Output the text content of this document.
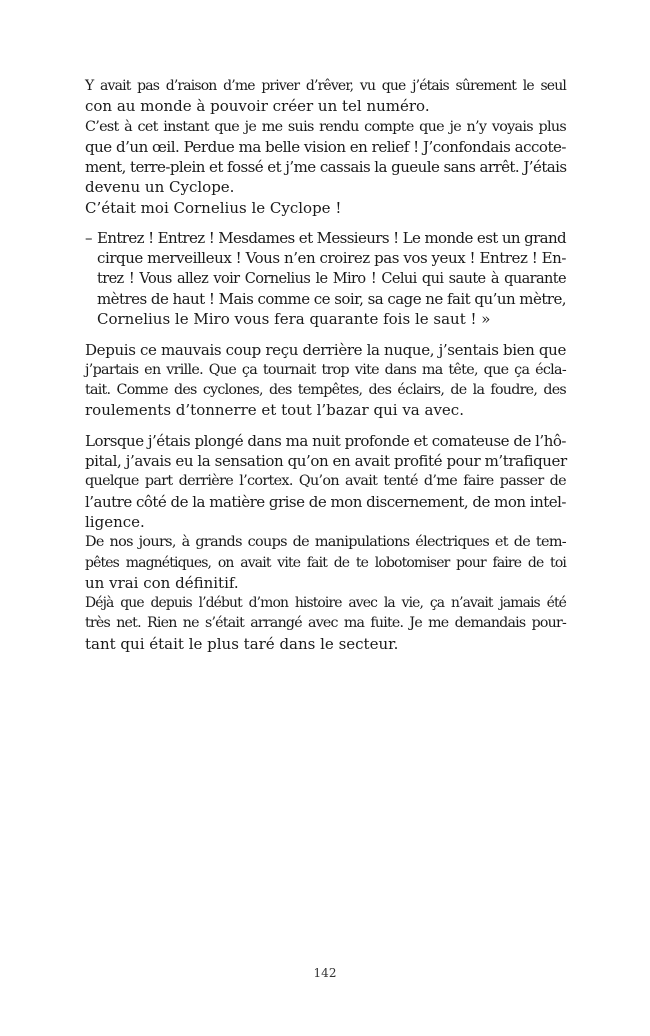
Y avait pas d’raison d’me priver d’rêver, vu que j’étais sûrement le seul
con au monde à pouvoir créer un tel numéro.

C’est à cet instant que je me suis rendu compte que je n’y voyais plus
que d’un œil. Perdue ma belle vision en relief ! J’confondais accote-
ment, terre-plein et fossé et j’me cassais la gueule sans arrêt. J’étais
devenu un Cyclope.

C’était moi Cornelius le Cyclope !

– Entrez ! Entrez ! Mesdames et Messieurs ! Le monde est un grand
cirque merveilleux ! Vous n’en croirez pas vos yeux ! Entrez ! En-
trez ! Vous allez voir Cornelius le Miro ! Celui qui saute à quarante
mètres de haut ! Mais comme ce soir, sa cage ne fait qu’un mètre,
Cornelius le Miro vous fera quarante fois le saut ! »

Depuis ce mauvais coup reçu derrière la nuque, j’sentais bien que
j’partais en vrille. Que ça tournait trop vite dans ma tête, que ça écla-
tait. Comme des cyclones, des tempêtes, des éclairs, de la foudre, des
roulements d’tonnerre et tout l’bazar qui va avec.

Lorsque j’étais plongé dans ma nuit profonde et comateuse de l’hô-
pital, j’avais eu la sensation qu’on en avait profité pour m’trafiquer
quelque part derrière l’cortex. Qu’on avait tenté d’me faire passer de
l’autre côté de la matière grise de mon discernement, de mon intel-
ligence.

De nos jours, à grands coups de manipulations électriques et de tem-
pêtes magnétiques, on avait vite fait de te lobotomiser pour faire de toi
un vrai con définitif.

Déjà que depuis l’début d’mon histoire avec la vie, ça n’avait jamais été
très net. Rien ne s’était arrangé avec ma fuite. Je me demandais pour-
tant qui était le plus taré dans le secteur.

142
